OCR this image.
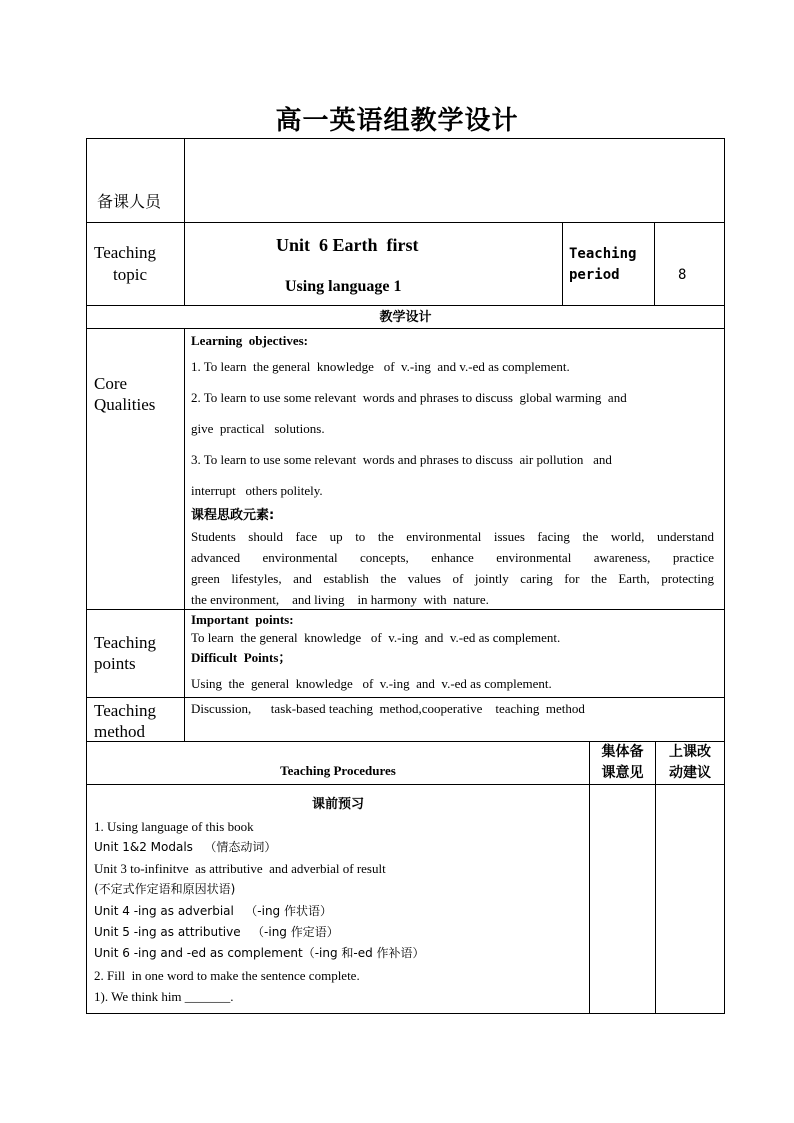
高一英语组教学设计
备课人员
Teaching
topic
Unit  6 Earth  first
Using language 1
Teaching
period	8
教学设计
Core
Qualities
Learning  objectives:
1. To learn  the general  knowledge   of  v.-ing  and v.-ed as complement.
2. To learn to use some relevant  words and phrases to discuss  global warming  and
give  practical   solutions.
3. To learn to use some relevant  words and phrases to discuss  air pollution   and
interrupt   others politely.
课程思政元素:
Students should face up to the environmental issues facing the world, understand
advanced environmental concepts, enhance environmental awareness, practice
green lifestyles, and establish the values of jointly caring for the Earth, protecting
the environment,    and living    in harmony  with  nature.
Teaching
points
Important  points:
To learn  the general  knowledge   of  v.-ing  and  v.-ed as complement.
Difficult  Points；
Using  the  general  knowledge   of  v.-ing  and  v.-ed as complement.
Teaching
method
Discussion,      task-based teaching  method,cooperative    teaching  method
Teaching Procedures
集体备
课意见
上课改
动建议
课前预习
1. Using language of this book
Unit 1&2 Modals   （情态动词）
Unit 3 to-infinitve  as attributive  and adverbial of result
(不定式作定语和原因状语)
Unit 4 -ing as adverbial   （-ing 作状语）
Unit 5 -ing as attributive   （-ing 作定语）
Unit 6 -ing and -ed as complement（-ing 和-ed 作补语）
2. Fill  in one word to make the sentence complete.
1). We think him _______.
